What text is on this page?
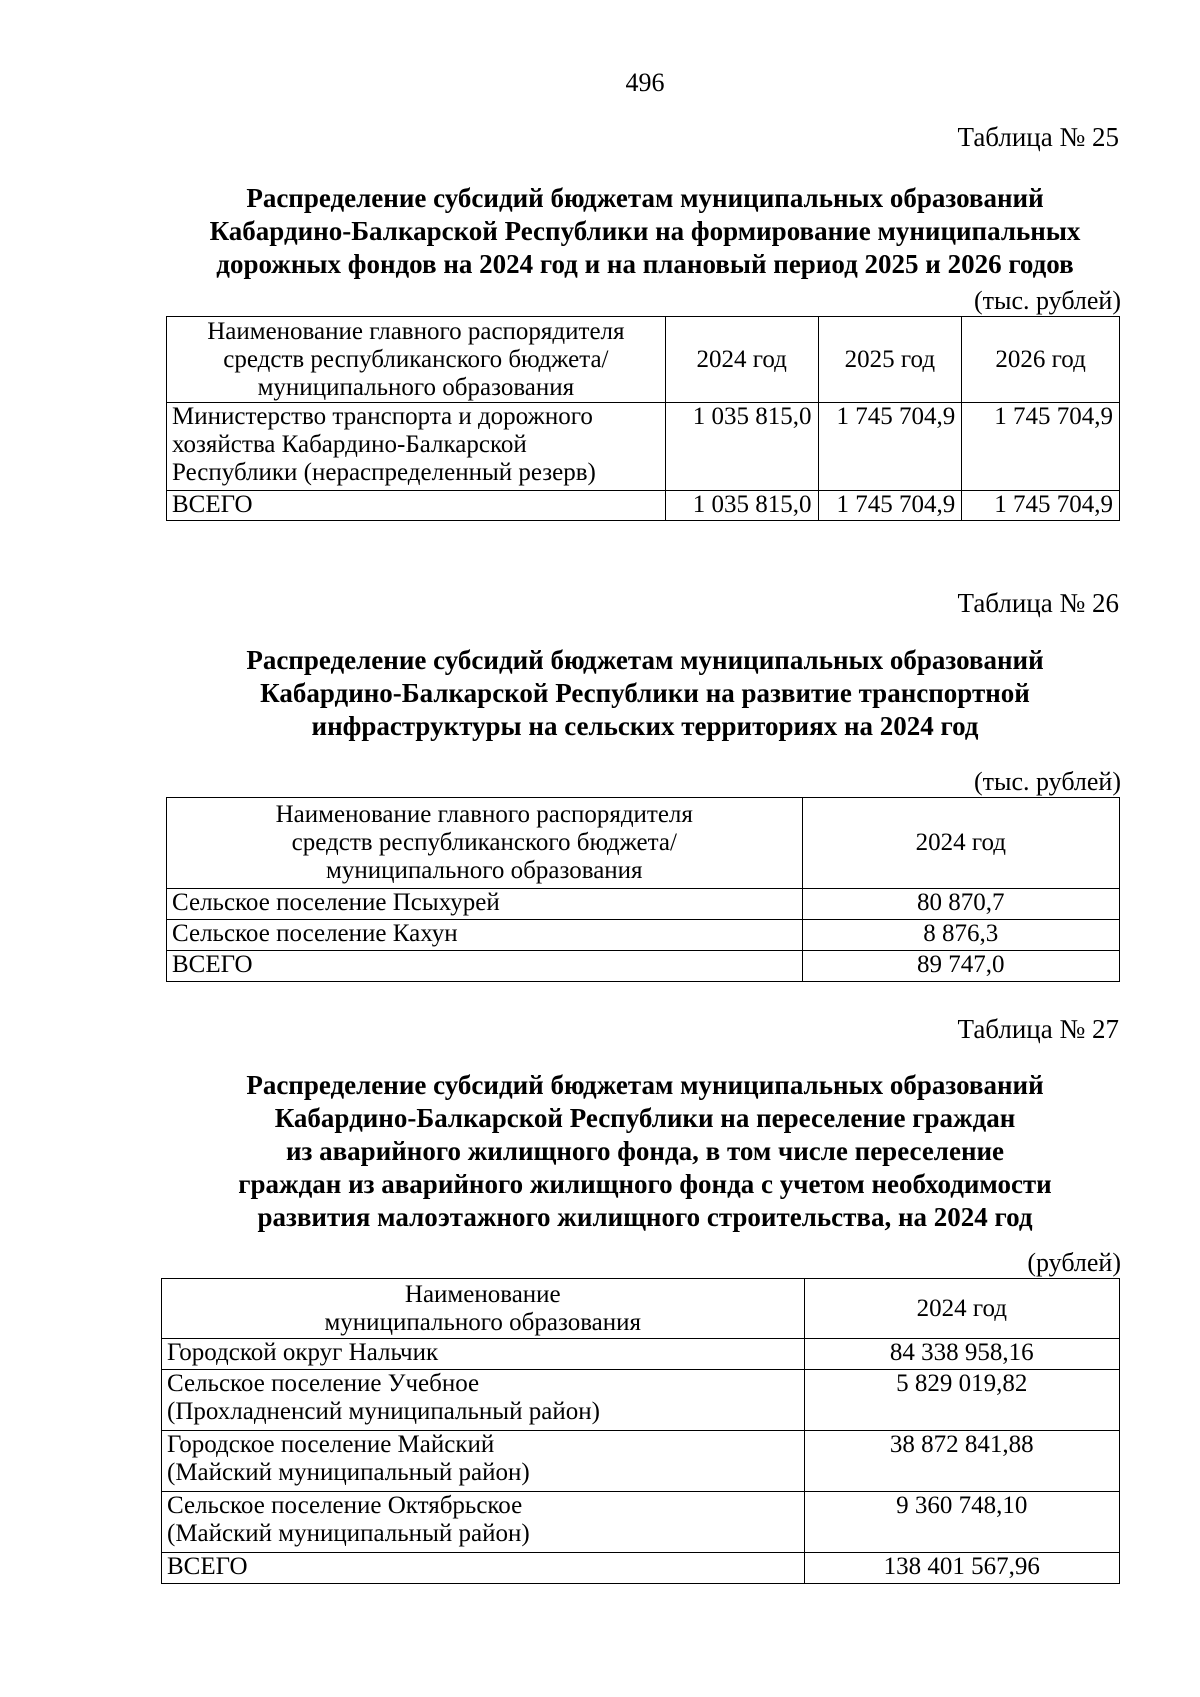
496
Таблица № 25
Распределение субсидий бюджетам муниципальных образований
Кабардино-Балкарской Республики на формирование муниципальных
дорожных фондов на 2024 год и на плановый период 2025 и 2026 годов
(тыс. рублей)
Наименование главного распорядителя
средств республиканского бюджета/
муниципального образования	2024 год	2025 год	2026 год

Министерство транспорта и дорожного
хозяйства Кабардино-Балкарской
Республики (нераспределенный резерв)	1 035 815,0	1 745 704,9	1 745 704,9
ВСЕГО	1 035 815,0	1 745 704,9	1 745 704,9
Таблица № 26
Распределение субсидий бюджетам муниципальных образований
Кабардино-Балкарской Республики на развитие транспортной
инфраструктуры на сельских территориях на 2024 год
(тыс. рублей)
Наименование главного распорядителя
средств республиканского бюджета/
муниципального образования	2024 год
Сельское поселение Псыхурей	80 870,7
Сельское поселение Кахун	8 876,3
ВСЕГО	89 747,0
Таблица № 27
Распределение субсидий бюджетам муниципальных образований
Кабардино-Балкарской Республики на переселение граждан
из аварийного жилищного фонда, в том числе переселение
граждан из аварийного жилищного фонда с учетом необходимости
развития малоэтажного жилищного строительства, на 2024 год
(рублей)
Наименование
муниципального образования	2024 год
Городской округ Нальчик	84 338 958,16

Сельское поселение Учебное
(Прохладненсий муниципальный район)	5 829 019,82

Городское поселение Майский
(Майский муниципальный район)	38 872 841,88

Сельское поселение Октябрьское
(Майский муниципальный район)	9 360 748,10
ВСЕГО	138 401 567,96
